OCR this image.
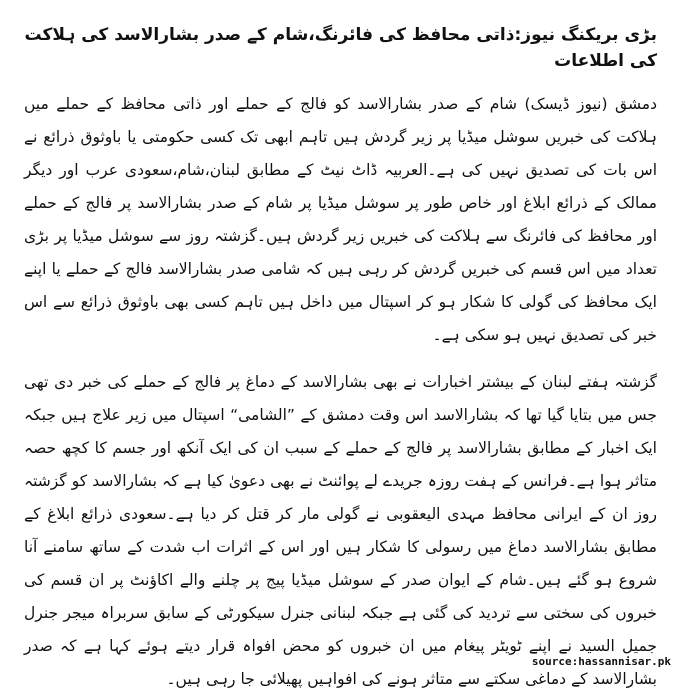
بڑی بریکنگ نیوز:ذاتی محافظ کی فائرنگ،شام کے صدر بشارالاسد کی ہلاکت کی اطلاعات

دمشق (نیوز ڈیسک) شام کے صدر بشارالاسد کو فالج کے حملے اور ذاتی محافظ کے حملے میں ہلاکت کی خبریں سوشل میڈیا پر زیر گردش ہیں تاہم ابھی تک کسی حکومتی یا باوثوق ذرائع نے اس بات کی تصدیق نہیں کی ہے۔العربیہ ڈاٹ نیٹ کے مطابق لبنان،شام،سعودی عرب اور دیگر ممالک کے ذرائع ابلاغ اور خاص طور پر سوشل میڈیا پر شام کے صدر بشارالاسد پر فالج کے حملے اور محافظ کی فائرنگ سے ہلاکت کی خبریں زیر گردش ہیں۔گزشتہ روز سے سوشل میڈیا پر بڑی تعداد میں اس قسم کی خبریں گردش کر رہی ہیں کہ شامی صدر بشارالاسد فالج کے حملے یا اپنے ایک محافظ کی گولی کا شکار ہو کر اسپتال میں داخل ہیں تاہم کسی بھی باوثوق ذرائع سے اس خبر کی تصدیق نہیں ہو سکی ہے۔

گزشتہ ہفتے لبنان کے بیشتر اخبارات نے بھی بشارالاسد کے دماغ پر فالج کے حملے کی خبر دی تھی جس میں بتایا گیا تھا کہ بشارالاسد اس وقت دمشق کے ”الشامی“ اسپتال میں زیر علاج ہیں جبکہ ایک اخبار کے مطابق بشارالاسد پر فالج کے حملے کے سبب ان کی ایک آنکھ اور جسم کا کچھ حصہ متاثر ہوا ہے۔فرانس کے ہفت روزہ جریدے لے پوائنٹ نے بھی دعویٰ کیا ہے کہ بشارالاسد کو گزشتہ روز ان کے ایرانی محافظ مہدی الیعقوبی نے گولی مار کر قتل کر دیا ہے۔سعودی ذرائع ابلاغ کے مطابق بشارالاسد دماغ میں رسولی کا شکار ہیں اور اس کے اثرات اب شدت کے ساتھ سامنے آنا شروع ہو گئے ہیں۔شام کے ایوان صدر کے سوشل میڈیا پیج پر چلنے والے اکاؤنٹ پر ان قسم کی خبروں کی سختی سے تردید کی گئی ہے جبکہ لبنانی جنرل سیکورٹی کے سابق سربراہ میجر جنرل جمیل السید نے اپنے ٹویٹر پیغام میں ان خبروں کو محض افواہ قرار دیتے ہوئے کہا ہے کہ صدر بشارالاسد کے دماغی سکتے سے متاثر ہونے کی افواہیں پھیلائی جا رہی ہیں۔

source:hassannisar.pk
